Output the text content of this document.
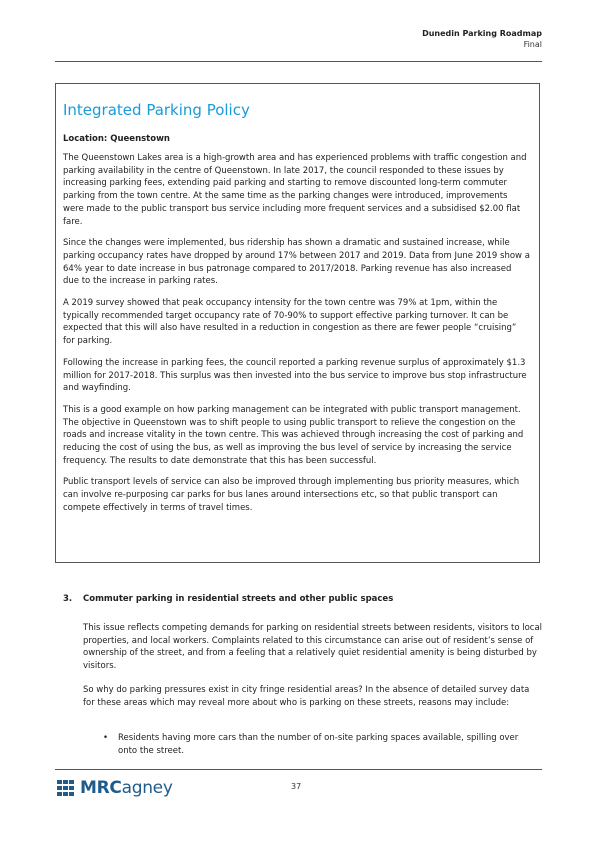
Dunedin Parking Roadmap
Final
Integrated Parking Policy
Location: Queenstown

The Queenstown Lakes area is a high-growth area and has experienced problems with traffic congestion and parking availability in the centre of Queenstown. In late 2017, the council responded to these issues by increasing parking fees, extending paid parking and starting to remove discounted long-term commuter parking from the town centre. At the same time as the parking changes were introduced, improvements were made to the public transport bus service including more frequent services and a subsidised $2.00 flat fare.

Since the changes were implemented, bus ridership has shown a dramatic and sustained increase, while parking occupancy rates have dropped by around 17% between 2017 and 2019. Data from June 2019 show a 64% year to date increase in bus patronage compared to 2017/2018. Parking revenue has also increased due to the increase in parking rates.

A 2019 survey showed that peak occupancy intensity for the town centre was 79% at 1pm, within the typically recommended target occupancy rate of 70-90% to support effective parking turnover. It can be expected that this will also have resulted in a reduction in congestion as there are fewer people “cruising” for parking.

Following the increase in parking fees, the council reported a parking revenue surplus of approximately $1.3 million for 2017-2018. This surplus was then invested into the bus service to improve bus stop infrastructure and wayfinding.

This is a good example on how parking management can be integrated with public transport management. The objective in Queenstown was to shift people to using public transport to relieve the congestion on the roads and increase vitality in the town centre. This was achieved through increasing the cost of parking and reducing the cost of using the bus, as well as improving the bus level of service by increasing the service frequency. The results to date demonstrate that this has been successful.

Public transport levels of service can also be improved through implementing bus priority measures, which can involve re-purposing car parks for bus lanes around intersections etc, so that public transport can compete effectively in terms of travel times.

3. Commuter parking in residential streets and other public spaces

This issue reflects competing demands for parking on residential streets between residents, visitors to local properties, and local workers. Complaints related to this circumstance can arise out of resident’s sense of ownership of the street, and from a feeling that a relatively quiet residential amenity is being disturbed by visitors.

So why do parking pressures exist in city fringe residential areas? In the absence of detailed survey data for these areas which may reveal more about who is parking on these streets, reasons may include:

• Residents having more cars than the number of on-site parking spaces available, spilling over onto the street.
MRCagney	37
